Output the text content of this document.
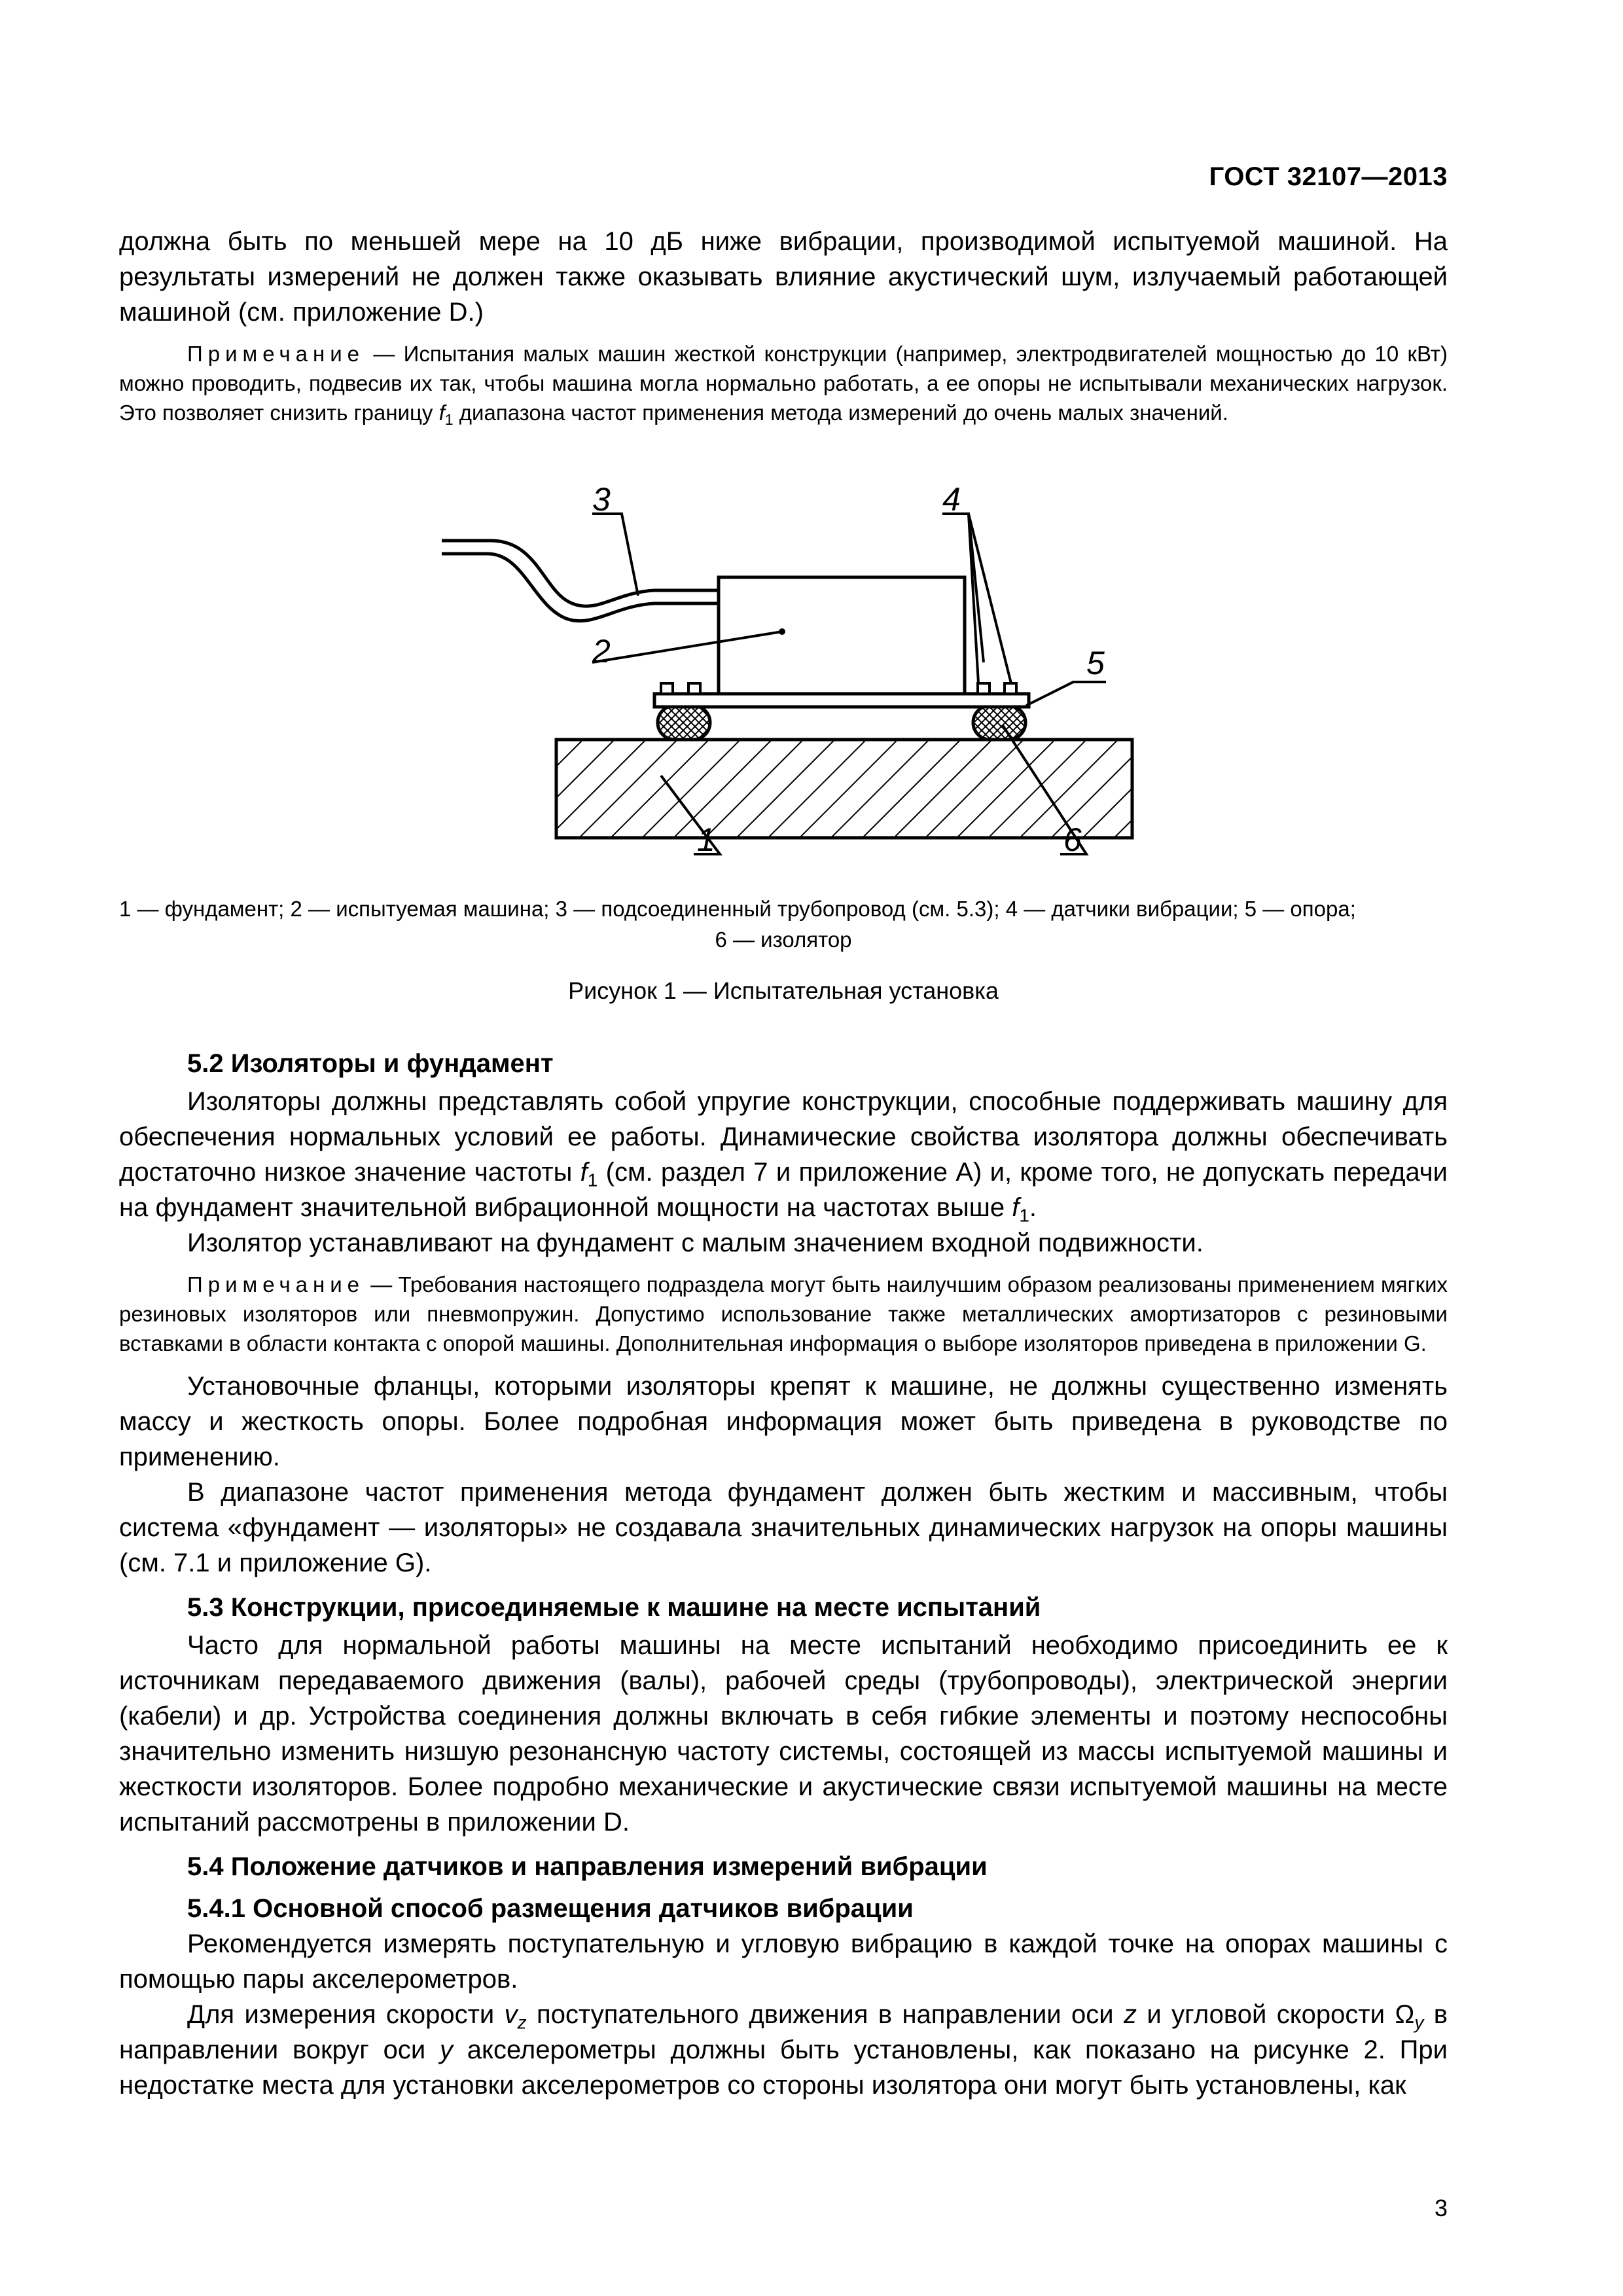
ГОСТ 32107—2013

должна быть по меньшей мере на 10 дБ ниже вибрации, производимой испытуемой машиной. На результаты измерений не должен также оказывать влияние акустический шум, излучаемый работающей машиной (см. приложение D.)

Примечание — Испытания малых машин жесткой конструкции (например, электродвигателей мощностью до 10 кВт) можно проводить, подвесив их так, чтобы машина могла нормально работать, а ее опоры не испытывали механических нагрузок. Это позволяет снизить границу $f_1$ диапазона частот применения метода измерений до очень малых значений.

3	4
2	5
1	6
1 — фундамент; 2 — испытуемая машина; 3 — подсоединенный трубопровод (см. 5.3); 4 — датчики вибрации; 5 — опора;
6 — изолятор
Рисунок 1 — Испытательная установка

5.2 Изоляторы и фундамент

Изоляторы должны представлять собой упругие конструкции, способные поддерживать машину для обеспечения нормальных условий ее работы. Динамические свойства изолятора должны обеспечивать достаточно низкое значение частоты $f_1$ (см. раздел 7 и приложение А) и, кроме того, не допускать передачи на фундамент значительной вибрационной мощности на частотах выше $f_1$.

Изолятор устанавливают на фундамент с малым значением входной подвижности.

Примечание — Требования настоящего подраздела могут быть наилучшим образом реализованы применением мягких резиновых изоляторов или пневмопружин. Допустимо использование также металлических амортизаторов с резиновыми вставками в области контакта с опорой машины. Дополнительная информация о выборе изоляторов приведена в приложении G.

Установочные фланцы, которыми изоляторы крепят к машине, не должны существенно изменять массу и жесткость опоры. Более подробная информация может быть приведена в руководстве по применению.

В диапазоне частот применения метода фундамент должен быть жестким и массивным, чтобы система «фундамент — изоляторы» не создавала значительных динамических нагрузок на опоры машины (см. 7.1 и приложение G).

5.3 Конструкции, присоединяемые к машине на месте испытаний

Часто для нормальной работы машины на месте испытаний необходимо присоединить ее к источникам передаваемого движения (валы), рабочей среды (трубопроводы), электрической энергии (кабели) и др. Устройства соединения должны включать в себя гибкие элементы и поэтому неспособны значительно изменить низшую резонансную частоту системы, состоящей из массы испытуемой машины и жесткости изоляторов. Более подробно механические и акустические связи испытуемой машины на месте испытаний рассмотрены в приложении D.

5.4 Положение датчиков и направления измерений вибрации

5.4.1 Основной способ размещения датчиков вибрации

Рекомендуется измерять поступательную и угловую вибрацию в каждой точке на опорах машины с помощью пары акселерометров.

Для измерения скорости $v_z$ поступательного движения в направлении оси z и угловой скорости $\Omega_y$ в направлении вокруг оси y акселерометры должны быть установлены, как показано на рисунке 2. При недостатке места для установки акселерометров со стороны изолятора они могут быть установлены, как

3
